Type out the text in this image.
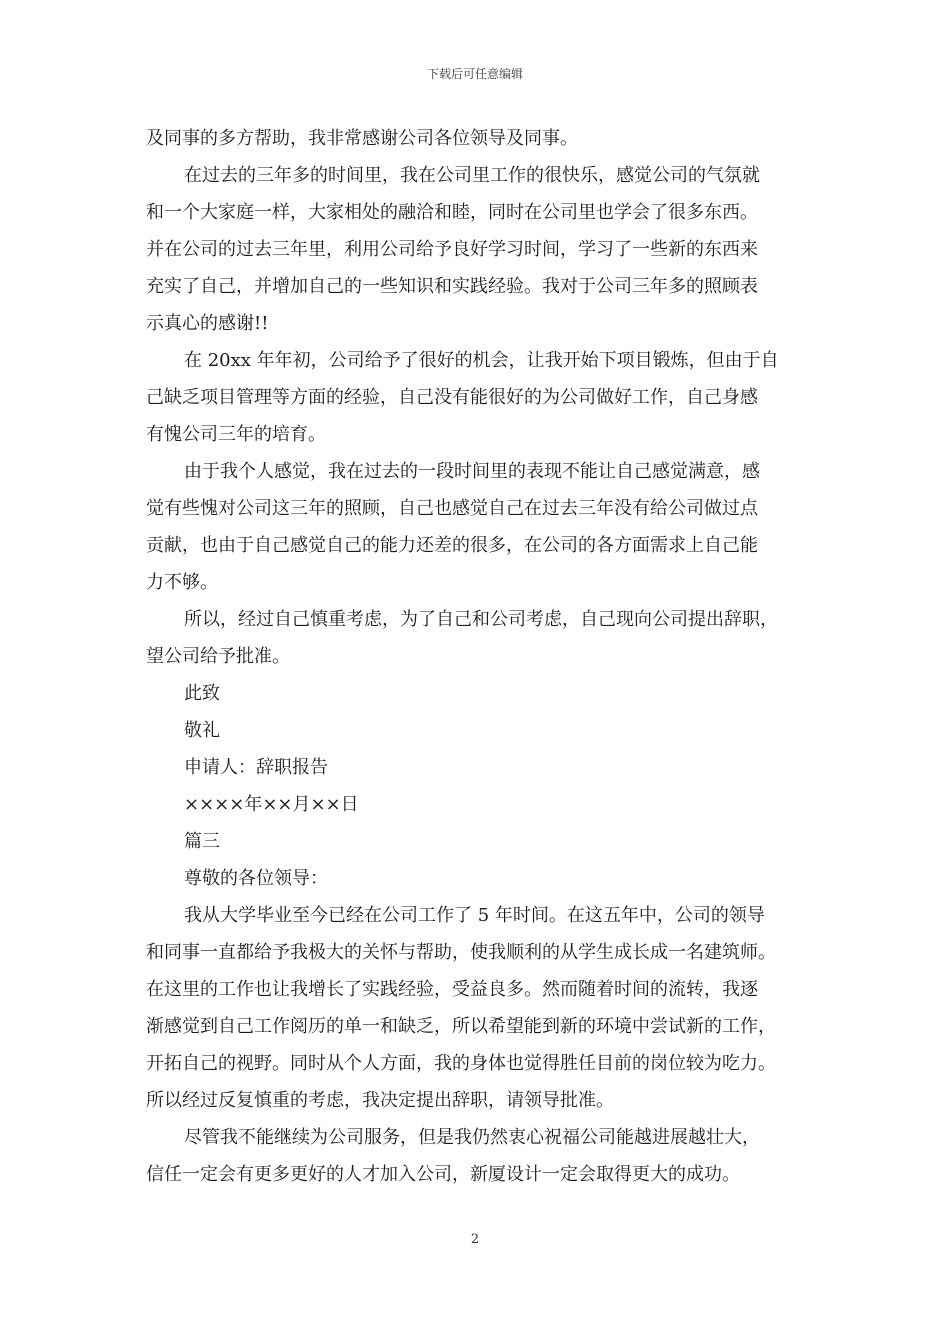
下载后可任意编辑
及同事的多方帮助，我非常感谢公司各位领导及同事。
在过去的三年多的时间里，我在公司里工作的很快乐，感觉公司的气氛就
和一个大家庭一样，大家相处的融洽和睦，同时在公司里也学会了很多东西。
并在公司的过去三年里，利用公司给予良好学习时间，学习了一些新的东西来
充实了自己，并增加自己的一些知识和实践经验。我对于公司三年多的照顾表
示真心的感谢!!
在 20xx 年年初，公司给予了很好的机会，让我开始下项目锻炼，但由于自
己缺乏项目管理等方面的经验，自己没有能很好的为公司做好工作，自己身感
有愧公司三年的培育。
由于我个人感觉，我在过去的一段时间里的表现不能让自己感觉满意，感
觉有些愧对公司这三年的照顾，自己也感觉自己在过去三年没有给公司做过点
贡献，也由于自己感觉自己的能力还差的很多，在公司的各方面需求上自己能
力不够。
所以，经过自己慎重考虑，为了自己和公司考虑，自己现向公司提出辞职，
望公司给予批准。
此致
敬礼
申请人：辞职报告
××××年××月××日
篇三
尊敬的各位领导：
我从大学毕业至今已经在公司工作了 5 年时间。在这五年中，公司的领导
和同事一直都给予我极大的关怀与帮助，使我顺利的从学生成长成一名建筑师。
在这里的工作也让我增长了实践经验，受益良多。然而随着时间的流转，我逐
渐感觉到自己工作阅历的单一和缺乏，所以希望能到新的环境中尝试新的工作，
开拓自己的视野。同时从个人方面，我的身体也觉得胜任目前的岗位较为吃力。
所以经过反复慎重的考虑，我决定提出辞职，请领导批准。
尽管我不能继续为公司服务，但是我仍然衷心祝福公司能越进展越壮大，
信任一定会有更多更好的人才加入公司，新厦设计一定会取得更大的成功。
2
